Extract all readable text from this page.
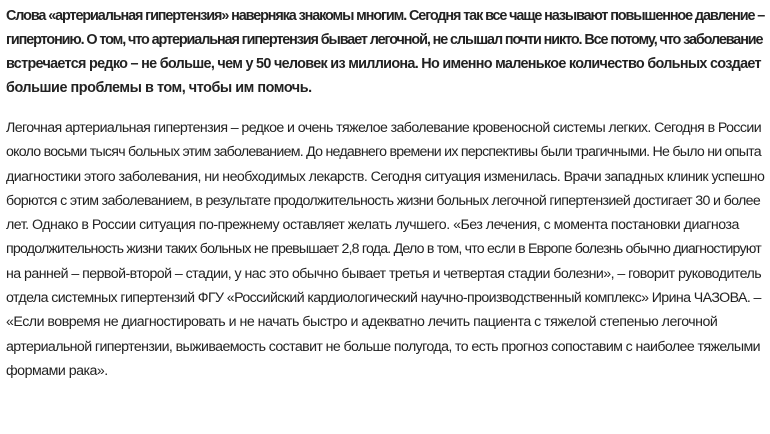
Слова «артериальная гипертензия» наверняка знакомы многим. Сегодня так все чаще называют повышенное давление –
гипертонию. О том, что артериальная гипертензия бывает легочной, не слышал почти никто. Все потому, что заболевание
встречается редко – не больше, чем у 50 человек из миллиона. Но именно маленькое количество больных создает
большие проблемы в том, чтобы им помочь.

Легочная артериальная гипертензия – редкое и очень тяжелое заболевание кровеносной системы легких. Сегодня в России
около восьми тысяч больных этим заболеванием. До недавнего времени их перспективы были трагичными. Не было ни опыта
диагностики этого заболевания, ни необходимых лекарств. Сегодня ситуация изменилась. Врачи западных клиник успешно
борются с этим заболеванием, в результате продолжительность жизни больных легочной гипертензией достигает 30 и более
лет. Однако в России ситуация по-прежнему оставляет желать лучшего. «Без лечения, с момента постановки диагноза
продолжительность жизни таких больных не превышает 2,8 года. Дело в том, что если в Европе болезнь обычно диагностируют
на ранней – первой-второй – стадии, у нас это обычно бывает третья и четвертая стадии болезни», – говорит руководитель
отдела системных гипертензий ФГУ «Российский кардиологический научно-производственный комплекс» Ирина ЧАЗОВА. –
«Если вовремя не диагностировать и не начать быстро и адекватно лечить пациента с тяжелой степенью легочной
артериальной гипертензии, выживаемость составит не больше полугода, то есть прогноз сопоставим с наиболее тяжелыми
формами рака».
